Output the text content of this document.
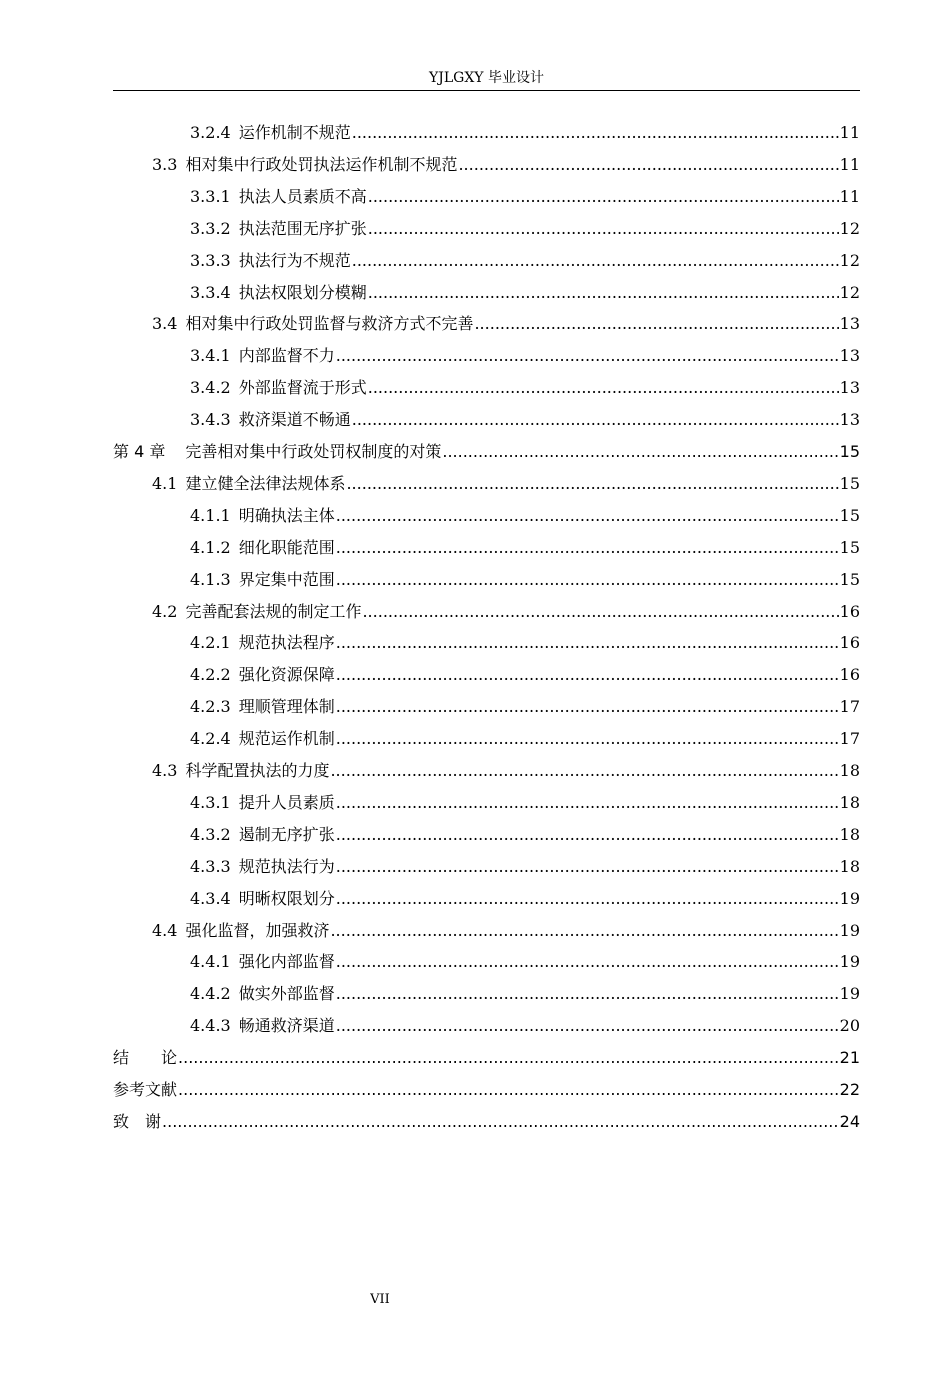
YJLGXY 毕业设计
3.2.4 运作机制不规范 .....	11
3.3 相对集中行政处罚执法运作机制不规范 .....	11
3.3.1 执法人员素质不高 .....	11
3.3.2 执法范围无序扩张 .....	12
3.3.3 执法行为不规范 .....	12
3.3.4 执法权限划分模糊 .....	12
3.4 相对集中行政处罚监督与救济方式不完善 .....	13
3.4.1 内部监督不力 .....	13
3.4.2 外部监督流于形式 .....	13
3.4.3 救济渠道不畅通 .....	13
第 4 章 完善相对集中行政处罚权制度的对策 .....	15
4.1 建立健全法律法规体系 .....	15
4.1.1 明确执法主体 .....	15
4.1.2 细化职能范围 .....	15
4.1.3 界定集中范围 .....	15
4.2 完善配套法规的制定工作 .....	16
4.2.1 规范执法程序 .....	16
4.2.2 强化资源保障 .....	16
4.2.3 理顺管理体制 .....	17
4.2.4 规范运作机制 .....	17
4.3 科学配置执法的力度 .....	18
4.3.1 提升人员素质 .....	18
4.3.2 遏制无序扩张 .....	18
4.3.3 规范执法行为 .....	18
4.3.4 明晰权限划分 .....	19
4.4 强化监督，加强救济 .....	19
4.4.1 强化内部监督 .....	19
4.4.2 做实外部监督 .....	19
4.4.3 畅通救济渠道 .....	20
结　　论 .....	21
参考文献 .....	22
致　谢 .....	24
VII
